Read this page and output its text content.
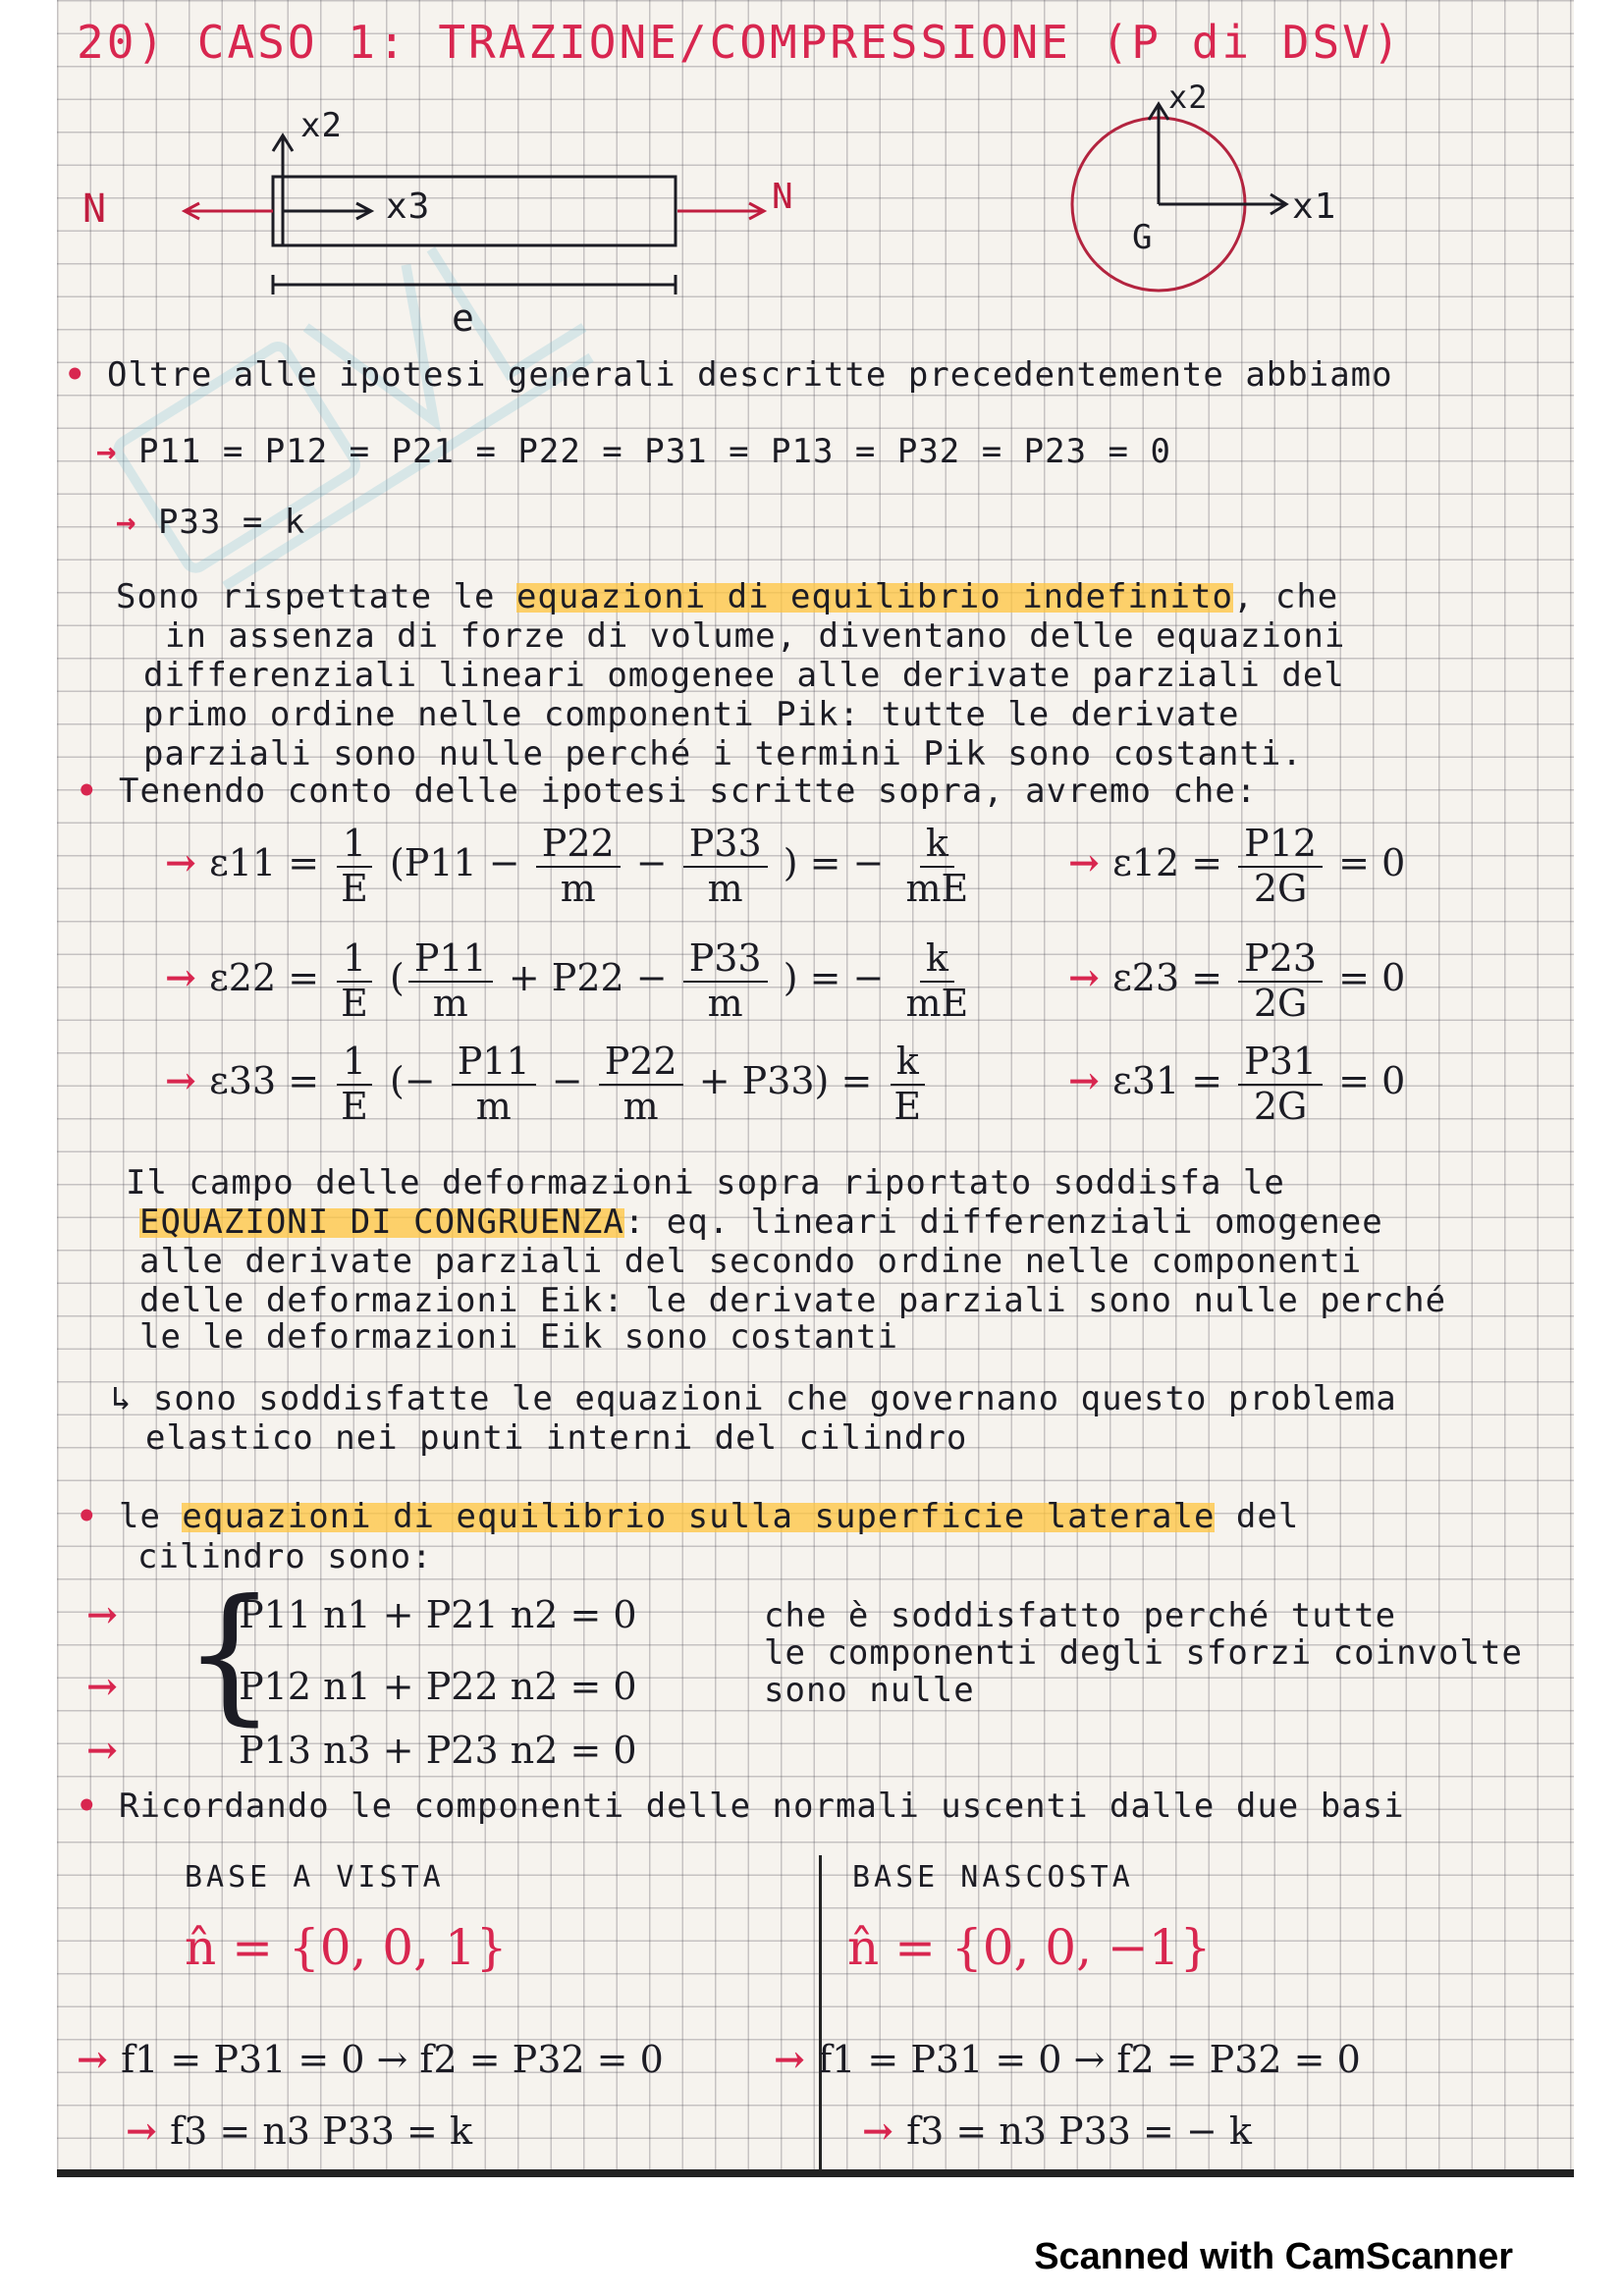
20) CASO 1: TRAZIONE/COMPRESSIONE (P di DSV)
x2
x3
N	N
e
x2
x1
G
• Oltre alle ipotesi generali descritte precedentemente abbiamo
→ P11 = P12 = P21 = P22 = P31 = P13 = P32 = P23 = 0
→ P33 = k
Sono rispettate le equazioni di equilibrio indefinito, che
in assenza di forze di volume, diventano delle equazioni
differenziali lineari omogenee alle derivate parziali del
primo ordine nelle componenti Pik: tutte le derivate
parziali sono nulle perché i termini Pik sono costanti.
• Tenendo conto delle ipotesi scritte sopra, avremo che:
→ $\varepsilon 11 = \frac{1}{E} (P11 - \frac{P22}{m} - \frac{P33}{m}$ ) = − $\frac{k}{mE}$	→ $\varepsilon 12 = \frac{P12}{2G} = 0$
→ $\varepsilon 22 = \frac{1}{E}$ ( $\frac{P11}{m} + P22 - \frac{P33}{m}$ ) = − $\frac{k}{mE}$	→ $\varepsilon 23 = \frac{P23}{2G} = 0$
→ $\varepsilon 33 = \frac{1}{E}$ (− $\frac{P11}{m} - \frac{P22}{m} + P33) = \frac{k}{E}$	→ $\varepsilon 31 = \frac{P31}{2G} = 0$
Il campo delle deformazioni sopra riportato soddisfa le
EQUAZIONI DI CONGRUENZA: eq. lineari differenziali omogenee
alle derivate parziali del secondo ordine nelle componenti
delle deformazioni Eik: le derivate parziali sono nulle perché
le le deformazioni Eik sono costanti
↳ sono soddisfatte le equazioni che governano questo problema
elastico nei punti interni del cilindro
• le equazioni di equilibrio sulla superficie laterale del
cilindro sono:
{
→	P11 n1 + P21 n2 = 0
→	P12 n1 + P22 n2 = 0
→	P13 n3 + P23 n2 = 0
che è soddisfatto perché tutte
le componenti degli sforzi coinvolte
sono nulle
• Ricordando le componenti delle normali uscenti dalle due basi
BASE A VISTA
n̂ = {0, 0, 1}
→ f1 = P31 = 0 → f2 = P32 = 0
→ f3 = n3 P33 = k
BASE NASCOSTA
n̂ = {0, 0, −1}
→ f1 = P31 = 0 → f2 = P32 = 0
→ f3 = n3 P33 = − k
Scanned with CamScanner
